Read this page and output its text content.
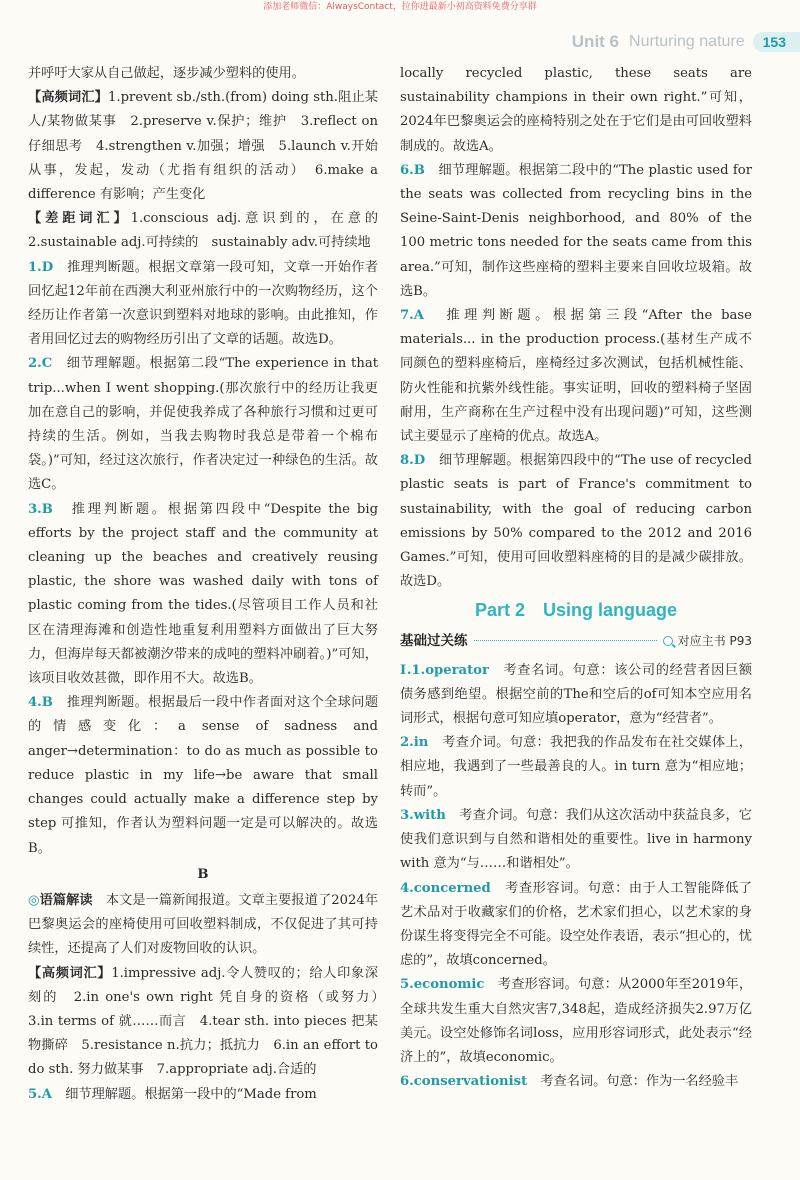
添加老师微信：AlwaysContact，拉你进最新小初高资料免费分享群
Unit 6 Nurturing nature	153

并呼吁大家从自己做起，逐步减少塑料的使用。

【高频词汇】1.prevent sb./sth.(from) doing sth.阻止某人/某物做某事　2.preserve v.保护；维护　3.reflect on 仔细思考　4.strengthen v.加强；增强　5.launch v.开始从事，发起，发动（尤指有组织的活动）　6.make a difference 有影响；产生变化

【差距词汇】1.conscious adj.意识到的，在意的　2.sustainable adj.可持续的　sustainably adv.可持续地

1.D　 推理判断题。根据文章第一段可知，文章一开始作者回忆起12年前在西澳大利亚州旅行中的一次购物经历，这个经历让作者第一次意识到塑料对地球的影响。由此推知，作者用回忆过去的购物经历引出了文章的话题。故选D。

2.C　 细节理解题。根据第二段“The experience in that trip...when I went shopping.(那次旅行中的经历让我更加在意自己的影响，并促使我养成了各种旅行习惯和过更可持续的生活。例如，当我去购物时我总是带着一个棉布袋。)”可知，经过这次旅行，作者决定过一种绿色的生活。故选C。

3.B　 推理判断题。根据第四段中“Despite the big efforts by the project staff and the community at cleaning up the beaches and creatively reusing plastic, the shore was washed daily with tons of plastic coming from the tides.(尽管项目工作人员和社区在清理海滩和创造性地重复利用塑料方面做出了巨大努力，但海岸每天都被潮汐带来的成吨的塑料冲刷着。)”可知，该项目收效甚微，即作用不大。故选B。

4.B　 推理判断题。根据最后一段中作者面对这个全球问题的情感变化：a sense of sadness and anger→determination：to do as much as possible to reduce plastic in my life→be aware that small changes could actually make a difference step by step 可推知，作者认为塑料问题一定是可以解决的。故选B。

B

◎语篇解读　 本文是一篇新闻报道。文章主要报道了2024年巴黎奥运会的座椅使用可回收塑料制成，不仅促进了其可持续性，还提高了人们对废物回收的认识。

【高频词汇】1.impressive adj.令人赞叹的；给人印象深刻的　2.in one's own right 凭自身的资格（或努力）　3.in terms of 就……而言　4.tear sth. into pieces 把某物撕碎　5.resistance n.抗力；抵抗力　6.in an effort to do sth. 努力做某事　7.appropriate adj.合适的

5.A　 细节理解题。根据第一段中的“Made from

locally recycled plastic, these seats are sustainability champions in their own right.”可知，2024年巴黎奥运会的座椅特别之处在于它们是由可回收塑料制成的。故选A。

6.B　 细节理解题。根据第二段中的“The plastic used for the seats was collected from recycling bins in the Seine-Saint-Denis neighborhood, and 80% of the 100 metric tons needed for the seats came from this area.”可知，制作这些座椅的塑料主要来自回收垃圾箱。故选B。

7.A　 推理判断题。根据第三段“After the base materials... in the production process.(基材生产成不同颜色的塑料座椅后，座椅经过多次测试，包括机械性能、防火性能和抗紫外线性能。事实证明，回收的塑料椅子坚固耐用，生产商称在生产过程中没有出现问题)”可知，这些测试主要显示了座椅的优点。故选A。

8.D　 细节理解题。根据第四段中的“The use of recycled plastic seats is part of France's commitment to sustainability, with the goal of reducing carbon emissions by 50% compared to the 2012 and 2016 Games.”可知，使用可回收塑料座椅的目的是减少碳排放。故选D。

Part 2　Using language
基础过关练	对应主书 P93

Ⅰ.1.operator　 考查名词。句意：该公司的经营者因巨额债务感到绝望。根据空前的The和空后的of可知本空应用名词形式，根据句意可知应填operator，意为“经营者”。

2.in　 考查介词。句意：我把我的作品发布在社交媒体上，相应地，我遇到了一些最善良的人。in turn 意为“相应地；转而”。

3.with　 考查介词。句意：我们从这次活动中获益良多，它使我们意识到与自然和谐相处的重要性。live in harmony with 意为“与……和谐相处”。

4.concerned　 考查形容词。句意：由于人工智能降低了艺术品对于收藏家们的价格，艺术家们担心，以艺术家的身份谋生将变得完全不可能。设空处作表语，表示“担心的，忧虑的”，故填concerned。

5.economic　 考查形容词。句意：从2000年至2019年，全球共发生重大自然灾害7,348起，造成经济损失2.97万亿美元。设空处修饰名词loss，应用形容词形式，此处表示“经济上的”，故填economic。

6.conservationist　 考查名词。句意：作为一名经验丰
